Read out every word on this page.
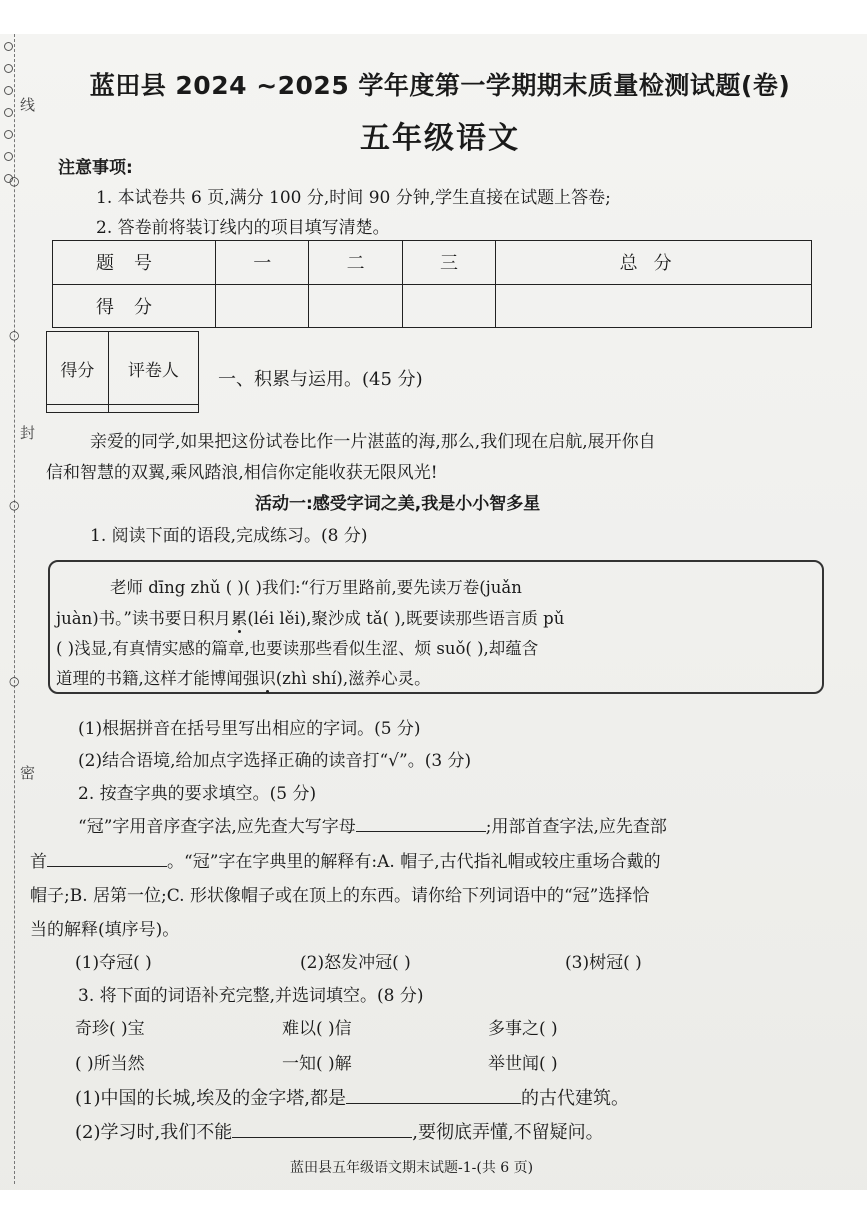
线
○
○
封
○
○
密
蓝田县 2024 ~2025 学年度第一学期期末质量检测试题(卷)
五年级语文
注意事项:
1. 本试卷共 6 页,满分 100 分,时间 90 分钟,学生直接在试题上答卷;
2. 答卷前将装订线内的项目填写清楚。
题号	一	二	三	总分
得分				
得分	评卷人
	一、积累与运用。(45 分)
亲爱的同学,如果把这份试卷比作一片湛蓝的海,那么,我们现在启航,展开你自
信和智慧的双翼,乘风踏浪,相信你定能收获无限风光!
活动一:感受字词之美,我是小小智多星
1. 阅读下面的语段,完成练习。(8 分)
老师 dīng zhǔ ( )( )我们:“行万里路前,要先读万卷(juǎn
juàn)书。”读书要日积月累(léi lěi),聚沙成 tǎ( ),既要读那些语言质 pǔ
( )浅显,有真情实感的篇章,也要读那些看似生涩、烦 suǒ( ),却蕴含
道理的书籍,这样才能博闻强识(zhì shí),滋养心灵。
(1)根据拼音在括号里写出相应的字词。(5 分)
(2)结合语境,给加点字选择正确的读音打“√”。(3 分)
2. 按查字典的要求填空。(5 分)
“冠”字用音序查字法,应先查大写字母	;用部首查字法,应先查部
首	。“冠”字在字典里的解释有:A. 帽子,古代指礼帽或较庄重场合戴的
帽子;B. 居第一位;C. 形状像帽子或在顶上的东西。请你给下列词语中的“冠”选择恰
当的解释(填序号)。
(1)夺冠( )	(2)怒发冲冠( )	(3)树冠( )
3. 将下面的词语补充完整,并选词填空。(8 分)
奇珍( )宝	难以( )信	多事之( )
( )所当然	一知( )解	举世闻( )
(1)中国的长城,埃及的金字塔,都是	的古代建筑。
(2)学习时,我们不能	,要彻底弄懂,不留疑问。
蓝田县五年级语文期末试题-1-(共 6 页)
